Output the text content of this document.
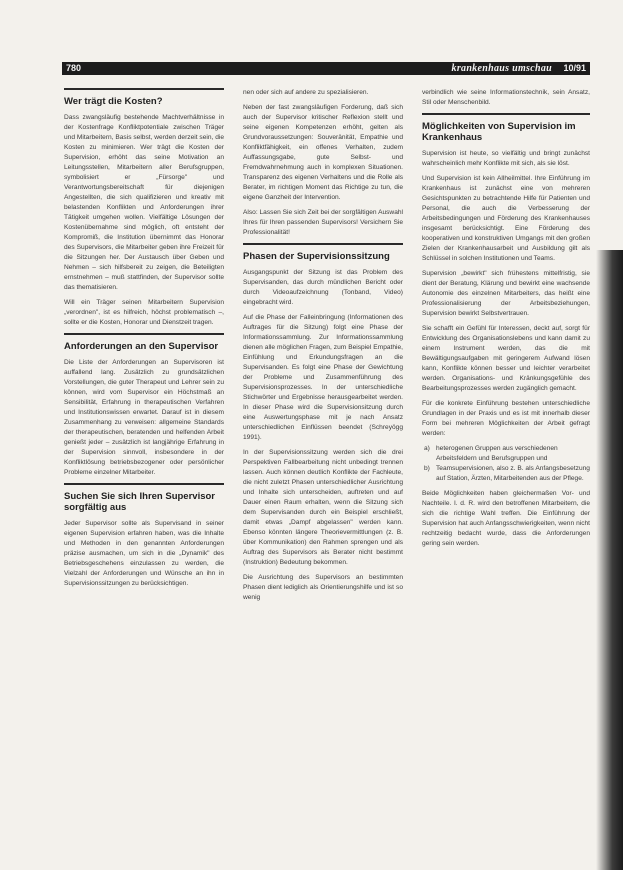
780	krankenhaus umschau 10/91
Wer trägt die Kosten?

Dass zwangsläufig bestehende Machtverhältnisse in der Kostenfrage Konfliktpotentiale zwischen Träger und Mitarbeitern, Basis selbst, werden derzeit sein, die Kosten zu minimieren. Wer trägt die Kosten der Supervision, erhöht das seine Motivation an Leitungsstellen, Mitarbeitern aller Berufsgruppen, symbolisiert er „Fürsorge" und Verantwortungsbereitschaft für diejenigen Angestellten, die sich qualifizieren und kreativ mit belastenden Konflikten und Anforderungen ihrer Tätigkeit umgehen wollen. Vielfältige Lösungen der Kostenübernahme sind möglich, oft entsteht der Kompromiß, die Institution übernimmt das Honorar des Supervisors, die Mitarbeiter geben ihre Freizeit für die Sitzungen her. Der Austausch über Geben und Nehmen – sich hilfsbereit zu zeigen, die Beteiligten ernstnehmen – muß stattfinden, der Supervisor sollte das thematisieren.

Will ein Träger seinen Mitarbeitern Supervision „verordnen", ist es hilfreich, höchst problematisch –, sollte er die Kosten, Honorar und Dienstzeit tragen.

Anforderungen an den Supervisor

Die Liste der Anforderungen an Supervisoren ist auffallend lang. Zusätzlich zu grundsätzlichen Vorstellungen, die guter Therapeut und Lehrer sein zu können, wird vom Supervisor ein Höchstmaß an Sensibilität, Erfahrung in therapeutischen Verfahren und Institutionswissen erwartet. Darauf ist in diesem Zusammenhang zu verweisen: allgemeine Standards der therapeutischen, beratenden und helfenden Arbeit genießt jeder – zusätzlich ist langjährige Erfahrung in der Supervision sinnvoll, insbesondere in der Konfliktlösung betriebsbezogener oder persönlicher Probleme einzelner Mitarbeiter.

Suchen Sie sich Ihren Supervisor sorgfältig aus

Jeder Supervisor sollte als Supervisand in seiner eigenen Supervision erfahren haben, was die Inhalte und Methoden in den genannten Anforderungen präzise ausmachen, um sich in die „Dynamik" des Betriebsgeschehens einzulassen zu werden, die Vielzahl der Anforderungen und Wünsche an ihn in Supervisionssitzungen zu berücksichtigen.

nen oder sich auf andere zu spezialisieren.

Neben der fast zwangsläufigen Forderung, daß sich auch der Supervisor kritischer Reflexion stellt und seine eigenen Kompetenzen erhöht, gelten als Grundvoraussetzungen: Souveränität, Empathie und Konfliktfähigkeit, ein offenes Verhalten, zudem Auffassungsgabe, gute Selbst- und Fremdwahrnehmung auch in komplexen Situationen. Transparenz des eigenen Verhaltens und die Rolle als Berater, im richtigen Moment das Richtige zu tun, die eigene Ganzheit der Intervention.

Also: Lassen Sie sich Zeit bei der sorgfältigen Auswahl Ihres für Ihren passenden Supervisors! Versichern Sie Professionalität!

Phasen der Supervisionssitzung

Ausgangspunkt der Sitzung ist das Problem des Supervisanden, das durch mündlichen Bericht oder durch Videoaufzeichnung (Tonband, Video) eingebracht wird.

Auf die Phase der Falleinbringung (Informationen des Auftrages für die Sitzung) folgt eine Phase der Informationssammlung. Zur Informationssammlung dienen alle möglichen Fragen, zum Beispiel Empathie, Einfühlung und Erkundungsfragen an die Supervisanden. Es folgt eine Phase der Gewichtung der Probleme und Zusammenführung des Supervisionsprozesses. In der unterschiedliche Stichwörter und Ergebnisse herausgearbeitet werden. In dieser Phase wird die Supervisionsitzung durch eine Auswertungsphase mit je nach Ansatz unterschiedlichen Einflüssen beendet (Schreyögg 1991).

In der Supervisionssitzung werden sich die drei Perspektiven Fallbearbeitung nicht unbedingt trennen lassen. Auch können deutlich Konflikte der Fachleute, die nicht zuletzt Phasen unterschiedlicher Ausrichtung und Inhalte sich unterscheiden, auftreten und auf Dauer einen Raum erhalten, wenn die Sitzung sich dem Supervisanden durch ein Beispiel erschließt, damit etwas „Dampf abgelassen" werden kann. Ebenso könnten längere Theorievermittlungen (z. B. über Kommunikation) den Rahmen sprengen und als Auftrag des Supervisors als Berater nicht bestimmt (Instruktion) Bedeutung bekommen.

Die Ausrichtung des Supervisors an bestimmten Phasen dient lediglich als Orientierungshilfe und ist so wenig

verbindlich wie seine Informationstechnik, sein Ansatz, Stil oder Menschenbild.

Möglichkeiten von Supervision im Krankenhaus

Supervision ist heute, so vielfältig und bringt zunächst wahrscheinlich mehr Konflikte mit sich, als sie löst.

Und Supervision ist kein Allheilmittel. Ihre Einführung im Krankenhaus ist zunächst eine von mehreren Gesichtspunkten zu betrachtende Hilfe für Patienten und Personal, die auch die Verbesserung der Arbeitsbedingungen und Förderung des Krankenhauses insgesamt berücksichtigt. Eine Förderung des kooperativen und konstruktiven Umgangs mit den großen Zielen der Krankenhausarbeit und Ausbildung gilt als Schlüssel in solchen Institutionen und Teams.

Supervision „bewirkt" sich frühestens mittelfristig, sie dient der Beratung, Klärung und bewirkt eine wachsende Autonomie des einzelnen Mitarbeiters, das heißt eine Professionalisierung der Arbeitsbeziehungen, Supervision bewirkt Selbstvertrauen.

Sie schafft ein Gefühl für Interessen, deckt auf, sorgt für Entwicklung des Organisationslebens und kann damit zu einem Instrument werden, das die mit Bewältigungsaufgaben mit geringerem Aufwand lösen kann, Konflikte können besser und leichter verarbeitet werden. Organisations- und Kränkungsgefühle des Bearbeitungsprozesses werden zugänglich gemacht.

Für die konkrete Einführung bestehen unterschiedliche Grundlagen in der Praxis und es ist mit innerhalb dieser Form bei mehreren Möglichkeiten der Arbeit gefragt werden:

a) heterogenen Gruppen aus verschiedenen Arbeitsfeldern und Berufsgruppen und
b) Teamsupervisionen, also z. B. als Anfangsbesetzung auf Station, Ärzten, Mitarbeitenden aus der Pflege.

Beide Möglichkeiten haben gleichermaßen Vor- und Nachteile. I. d. R. wird den betroffenen Mitarbeitern, die sich die richtige Wahl treffen. Die Einführung der Supervision hat auch Anfangsschwierigkeiten, wenn nicht rechtzeitig bedacht wurde, dass die Anforderungen gering sein werden.
